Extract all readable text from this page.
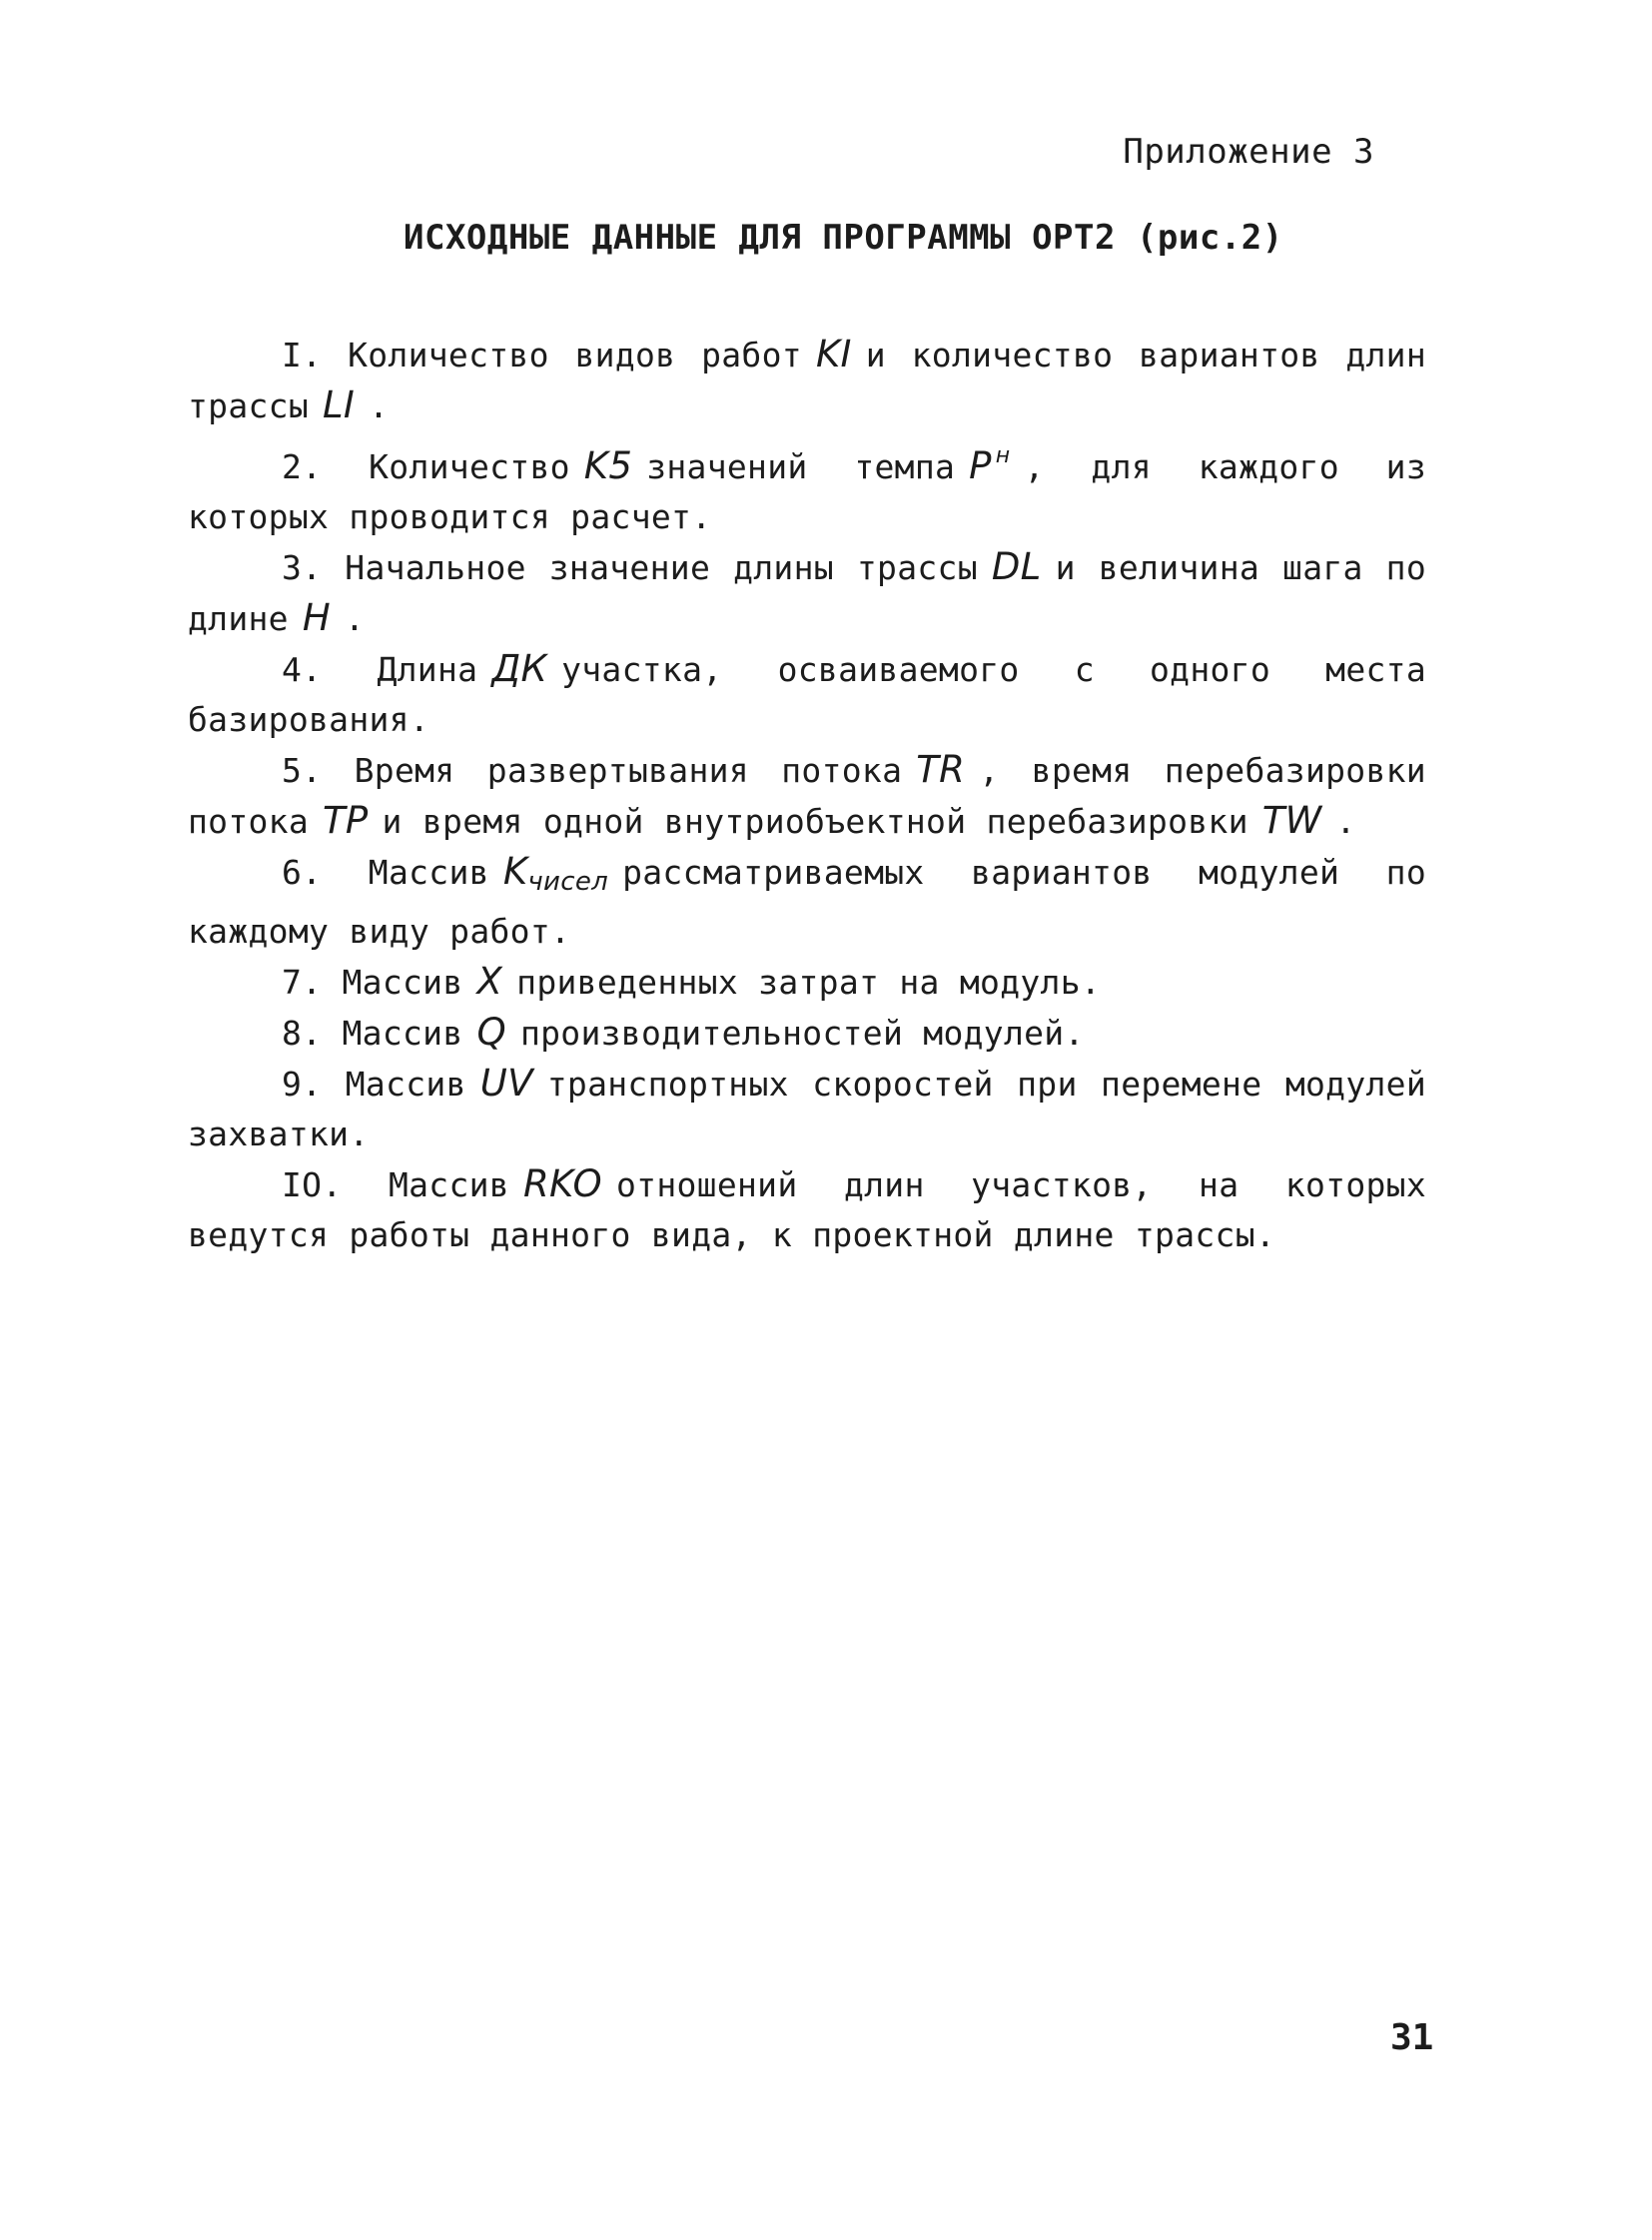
Приложение 3
ИСХОДНЫЕ ДАННЫЕ ДЛЯ ПРОГРАММЫ ОРТ2 (рис.2)

I. Количество видов работ KI и количество вариантов длин трассы LI .

2. Количество K5 значений темпа P $^н$ , для каждого из которых проводится расчет.

3. Начальное значение длины трассы DL и величина шага по длине H .

4. Длина ДК участка, осваиваемого с одного места базирования.

5. Время развертывания потока TR , время перебазировки потока TP и время одной внутриобъектной перебазировки TW .

6. Массив $K_{чисел}$ рассматриваемых вариантов модулей по каждому виду работ.

7. Массив X приведенных затрат на модуль.

8. Массив Q производительностей модулей.

9. Массив UV транспортных скоростей при перемене модулей захватки.

IO. Массив RKO отношений длин участков, на которых ведутся работы данного вида, к проектной длине трассы.

31
